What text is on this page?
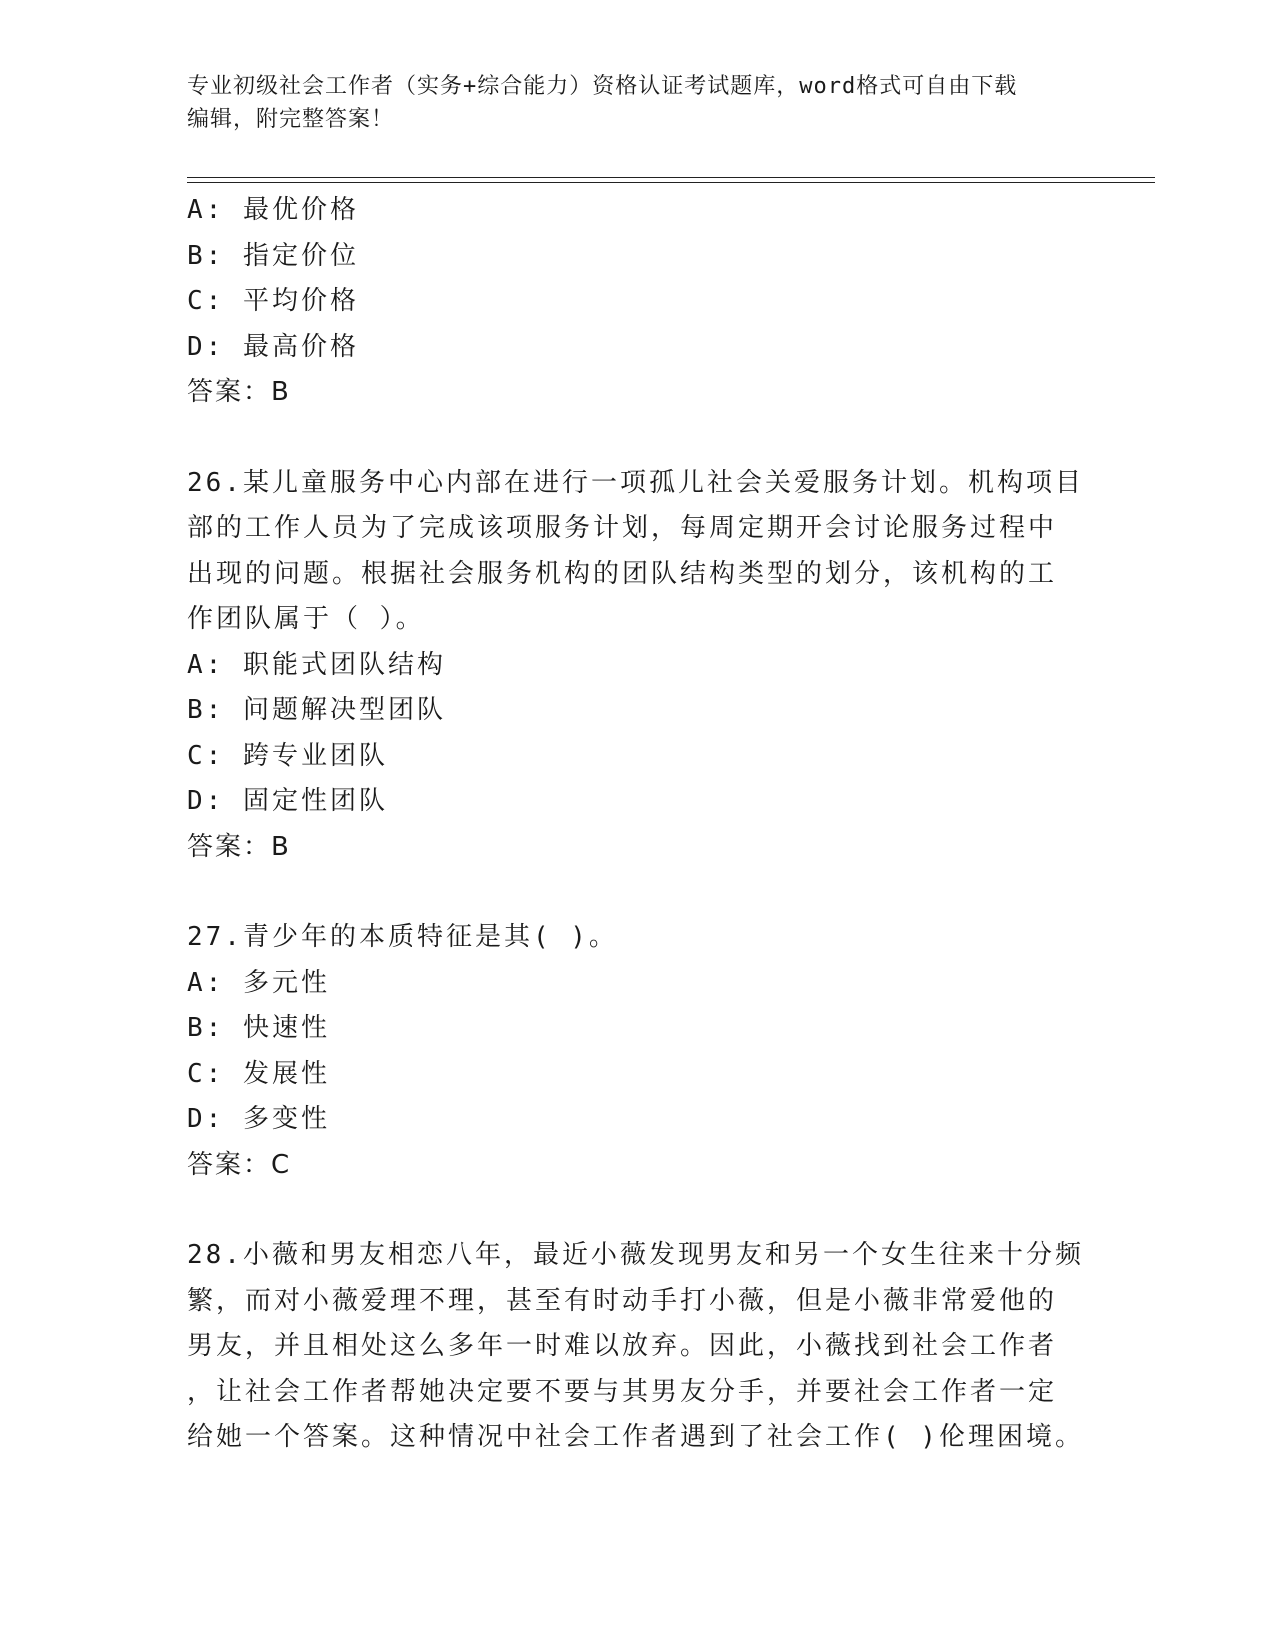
专业初级社会工作者（实务+综合能力）资格认证考试题库，word格式可自由下载
编辑，附完整答案！
A: 最优价格
B: 指定价位
C: 平均价格
D: 最高价格
答案：B
26.某儿童服务中心内部在进行一项孤儿社会关爱服务计划。机构项目
部的工作人员为了完成该项服务计划，每周定期开会讨论服务过程中
出现的问题。根据社会服务机构的团队结构类型的划分，该机构的工
作团队属于（ ）。
A: 职能式团队结构
B: 问题解决型团队
C: 跨专业团队
D: 固定性团队
答案：B
27.青少年的本质特征是其( )。
A: 多元性
B: 快速性
C: 发展性
D: 多变性
答案：C
28.小薇和男友相恋八年，最近小薇发现男友和另一个女生往来十分频
繁，而对小薇爱理不理，甚至有时动手打小薇，但是小薇非常爱他的
男友，并且相处这么多年一时难以放弃。因此，小薇找到社会工作者
，让社会工作者帮她决定要不要与其男友分手，并要社会工作者一定
给她一个答案。这种情况中社会工作者遇到了社会工作( )伦理困境。
